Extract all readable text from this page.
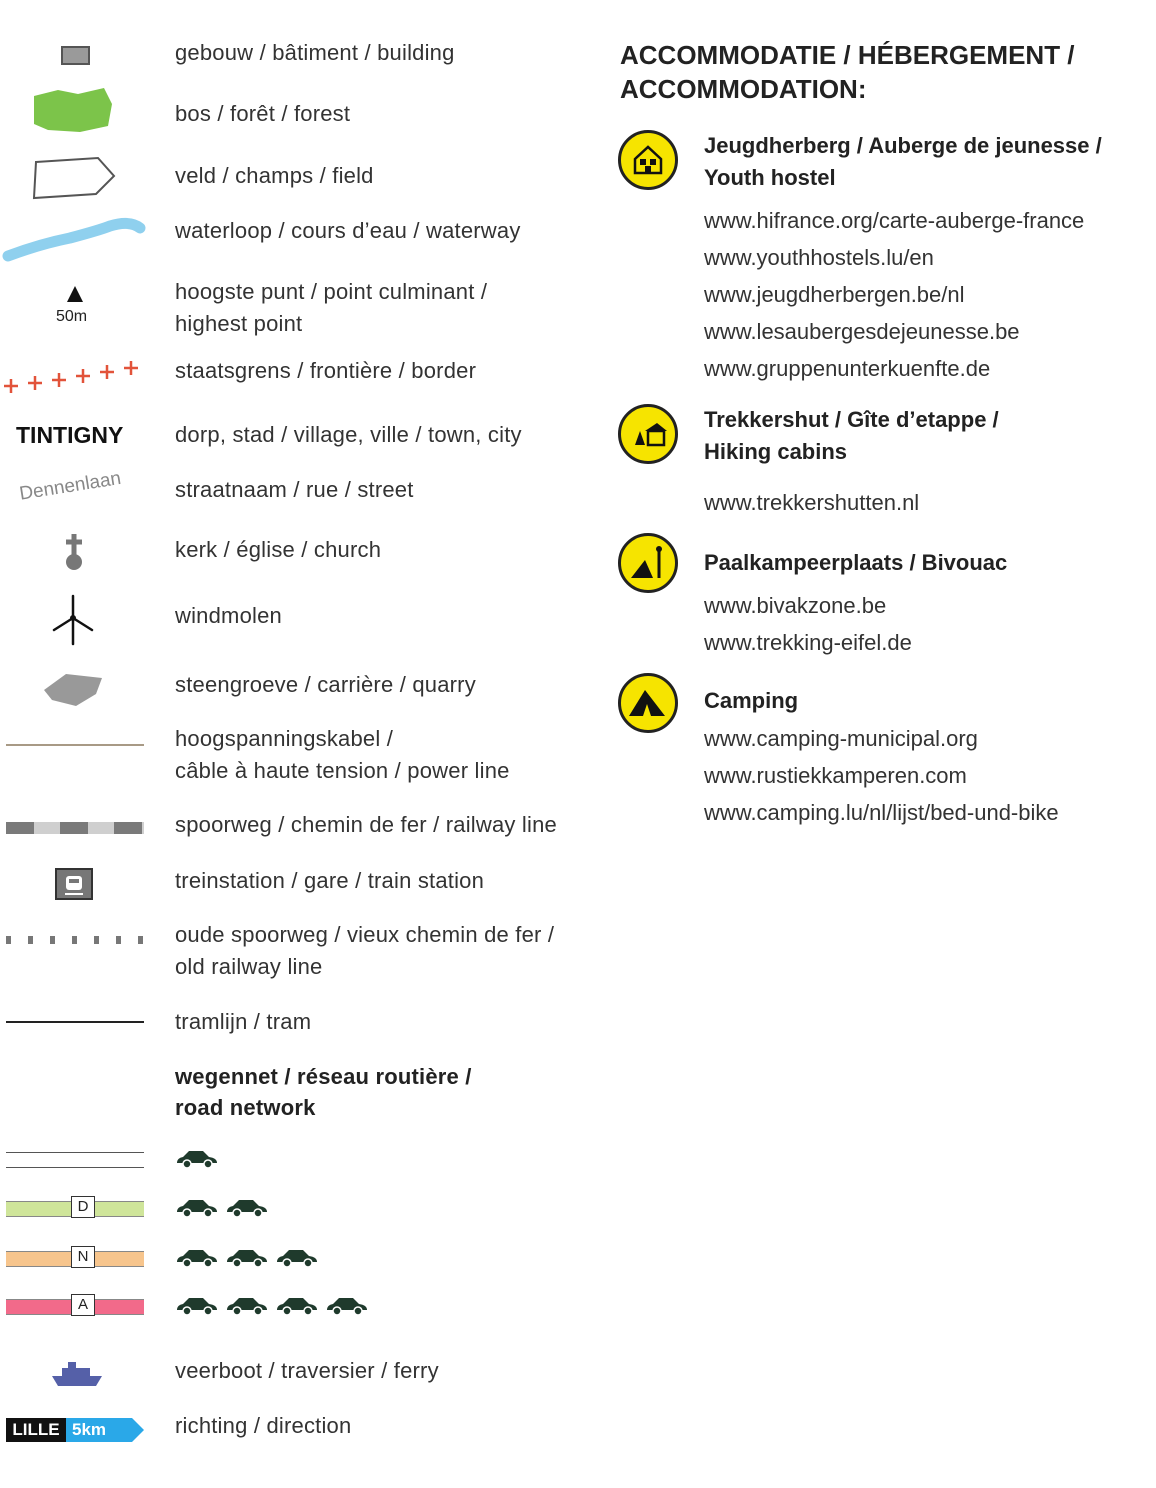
gebouw / bâtiment / building
bos / forêt / forest
veld / champs / field
waterloop / cours d’eau / waterway
50m
hoogste punt / point culminant /
highest point
staatsgrens / frontière / border
TINTIGNY	dorp, stad / village, ville / town, city
Dennenlaan straatnaam / rue / street
kerk / église / church
windmolen
steengroeve / carrière / quarry
hoogspanningskabel /
câble à haute tension / power line
spoorweg / chemin de fer / railway line
treinstation / gare / train station
oude spoorweg / vieux chemin de fer /
old railway line
tramlijn / tram
wegennet / réseau routière /
road network
D
N
A
veerboot / traversier / ferry
LILLE 5km	richting / direction
ACCOMMODATIE / HÉBERGEMENT /
ACCOMMODATION:
Jeugdherberg / Auberge de jeunesse /
Youth hostel
www.hifrance.org/carte-auberge-france
www.youthhostels.lu/en
www.jeugdherbergen.be/nl
www.lesaubergesdejeunesse.be
www.gruppenunterkuenfte.de
Trekkershut / Gîte d’etappe /
Hiking cabins
www.trekkershutten.nl
Paalkampeerplaats / Bivouac
www.bivakzone.be
www.trekking-eifel.de
Camping
www.camping-municipal.org
www.rustiekkamperen.com
www.camping.lu/nl/lijst/bed-und-bike
